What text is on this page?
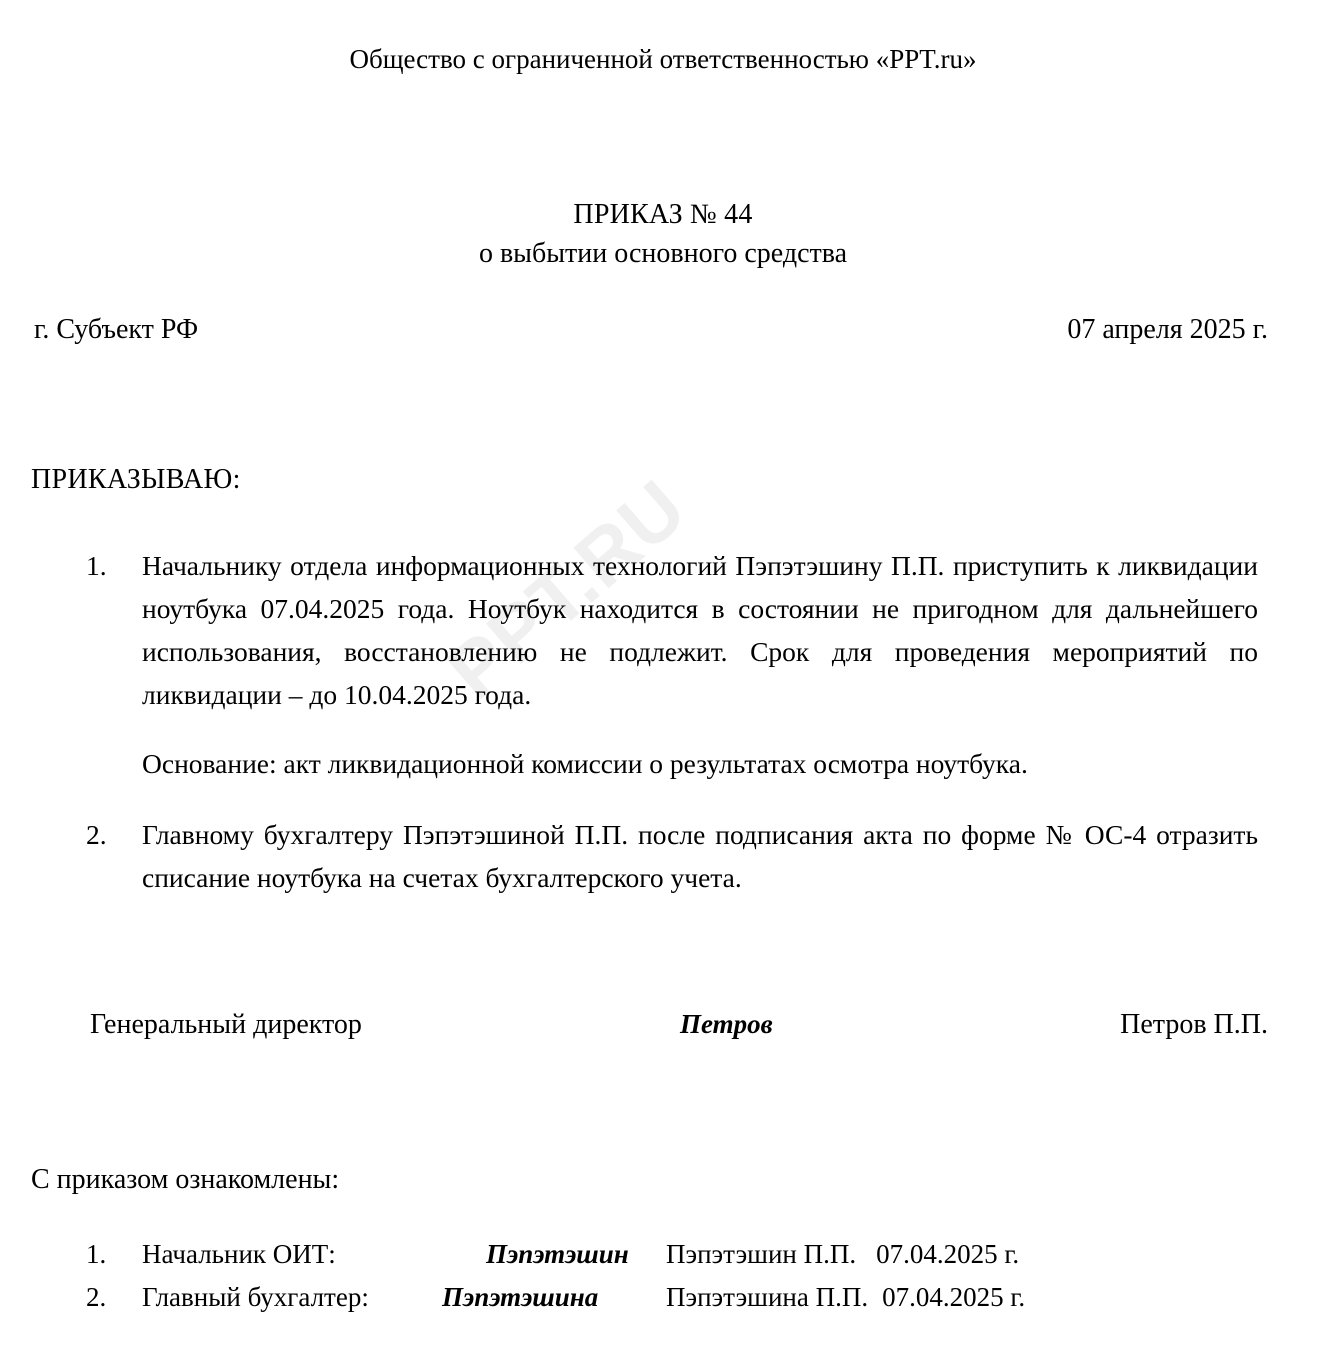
PPT.RU
Общество с ограниченной ответственностью «PPT.ru»
ПРИКАЗ № 44
о выбытии основного средства
г. Субъект РФ	07 апреля 2025 г.
ПРИКАЗЫВАЮ:
1.	Начальнику отдела информационных технологий Пэпэтэшину П.П. приступить к ликвидации ноутбука 07.04.2025 года. Ноутбук находится в состоянии не пригодном для дальнейшего использования, восстановлению не подлежит. Срок для проведения мероприятий по ликвидации – до 10.04.2025 года.
Основание: акт ликвидационной комиссии о результатах осмотра ноутбука.
2.	Главному бухгалтеру Пэпэтэшиной П.П. после подписания акта по форме № ОС-4 отразить списание ноутбука на счетах бухгалтерского учета.
Генеральный директор	Петров	Петров П.П.
С приказом ознакомлены:
1.	Начальник ОИТ:	Пэпэтэшин	Пэпэтэшин П.П. 07.04.2025 г.
2.	Главный бухгалтер:	Пэпэтэшина	Пэпэтэшина П.П. 07.04.2025 г.
